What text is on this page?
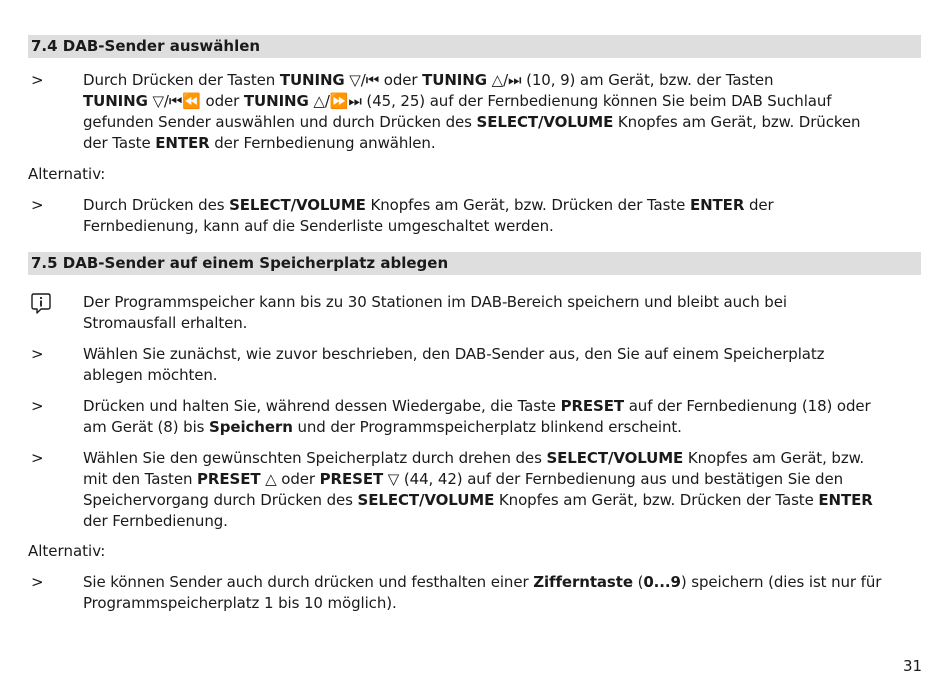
7.4 DAB-Sender auswählen
>	Durch Drücken der Tasten TUNING ▽/⏮ oder TUNING △/⏭ (10, 9) am Gerät, bzw. der Tasten
TUNING ▽/⏮⏪ oder TUNING △/⏩⏭ (45, 25) auf der Fernbedienung können Sie beim DAB Suchlauf
gefunden Sender auswählen und durch Drücken des SELECT/VOLUME Knopfes am Gerät, bzw. Drücken
der Taste ENTER der Fernbedienung anwählen.
Alternativ:
>	Durch Drücken des SELECT/VOLUME Knopfes am Gerät, bzw. Drücken der Taste ENTER der
Fernbedienung, kann auf die Senderliste umgeschaltet werden.
7.5 DAB-Sender auf einem Speicherplatz ablegen
Der Programmspeicher kann bis zu 30 Stationen im DAB-Bereich speichern und bleibt auch bei
Stromausfall erhalten.
>	Wählen Sie zunächst, wie zuvor beschrieben, den DAB-Sender aus, den Sie auf einem Speicherplatz
ablegen möchten.
>	Drücken und halten Sie, während dessen Wiedergabe, die Taste PRESET auf der Fernbedienung (18) oder
am Gerät (8) bis Speichern und der Programmspeicherplatz blinkend erscheint.
>	Wählen Sie den gewünschten Speicherplatz durch drehen des SELECT/VOLUME Knopfes am Gerät, bzw.
mit den Tasten PRESET △ oder PRESET ▽ (44, 42) auf der Fernbedienung aus und bestätigen Sie den
Speichervorgang durch Drücken des SELECT/VOLUME Knopfes am Gerät, bzw. Drücken der Taste ENTER
der Fernbedienung.
Alternativ:
>	Sie können Sender auch durch drücken und festhalten einer Zifferntaste (0...9) speichern (dies ist nur für
Programmspeicherplatz 1 bis 10 möglich).
31
